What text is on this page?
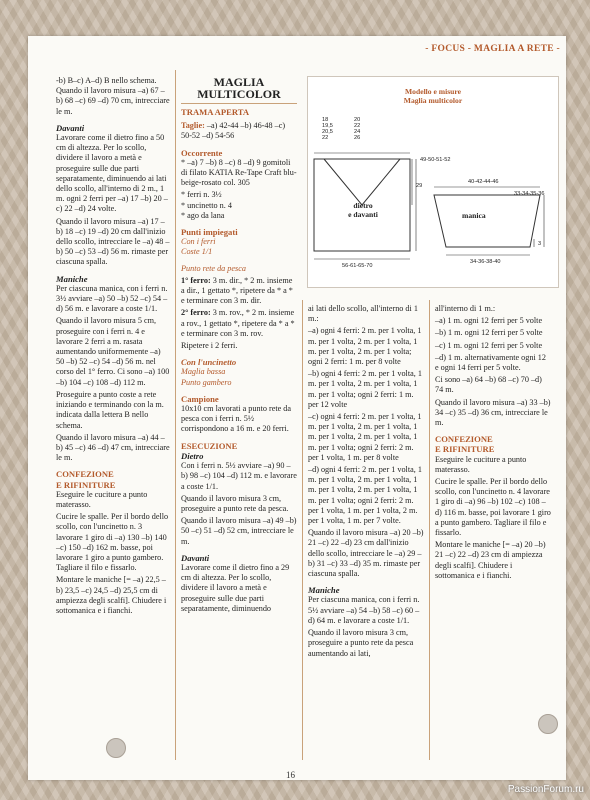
- FOCUS - MAGLIA A RETE -

-b) B–c) A–d) B nello schema. Quando il lavoro misura –a) 67 –b) 68 –c) 69 –d) 70 cm, intrecciare le m.

Davanti

Lavorare come il dietro fino a 50 cm di altezza. Per lo scollo, dividere il lavoro a metà e proseguire sulle due parti separatamente, diminuendo ai lati dello scollo, all'interno di 2 m., 1 m. ogni 2 ferri per –a) 17 –b) 20 –c) 22 –d) 24 volte.

Quando il lavoro misura –a) 17 –b) 18 –c) 19 –d) 20 cm dall'inizio dello scollo, intrecciare le –a) 48 –b) 50 –c) 53 –d) 56 m. rimaste per ciascuna spalla.

Maniche

Per ciascuna manica, con i ferri n. 3½ avviare –a) 50 –b) 52 –c) 54 –d) 56 m. e lavorare a coste 1/1.

Quando il lavoro misura 5 cm, proseguire con i ferri n. 4 e lavorare 2 ferri a m. rasata aumentando uniformemente –a) 50 –b) 52 –c) 54 –d) 56 m. nel corso del 1° ferro. Ci sono –a) 100 –b) 104 –c) 108 –d) 112 m.

Proseguire a punto coste a rete iniziando e terminando con la m. indicata dalla lettera B nello schema.

Quando il lavoro misura –a) 44 –b) 45 –c) 46 –d) 47 cm, intrecciare le m.

CONFEZIONE
E RIFINITURE

Eseguire le cuciture a punto materasso.

Cucire le spalle. Per il bordo dello scollo, con l'uncinetto n. 3 lavorare 1 giro di –a) 130 –b) 140 –c) 150 –d) 162 m. basse, poi lavorare 1 giro a punto gambero. Tagliare il filo e fissarlo.

Montare le maniche [= –a) 22,5 –b) 23,5 –c) 24,5 –d) 25,5 cm di ampiezza degli scalfi]. Chiudere i sottomanica e i fianchi.

MAGLIA
MULTICOLOR
TRAMA APERTA

Taglie: –a) 42-44 –b) 46-48 –c) 50-52 –d) 54-56

Occorrente

* –a) 7 –b) 8 –c) 8 –d) 9 gomitoli di filato KATIA Re-Tape Craft blu-beige-rosato col. 305

* ferri n. 3½

* uncinetto n. 4

* ago da lana

Punti impiegati

Con i ferri

Coste 1/1

Punto rete da pesca

1° ferro: 3 m. dir., * 2 m. insieme a dir., 1 gettato *, ripetere da * a * e terminare con 3 m. dir.

2° ferro: 3 m. rov., * 2 m. insieme a rov., 1 gettato *, ripetere da * a * e terminare con 3 m. rov.

Ripetere i 2 ferri.

Con l'uncinetto

Maglia bassa

Punto gambero

Campione

10x10 cm lavorati a punto rete da pesca con i ferri n. 5½ corrispondono a 16 m. e 20 ferri.

ESECUZIONE
Dietro

Con i ferri n. 5½ avviare –a) 90 –b) 98 –c) 104 –d) 112 m. e lavorare a coste 1/1.

Quando il lavoro misura 3 cm, proseguire a punto rete da pesca.

Quando il lavoro misura –a) 49 –b) 50 –c) 51 –d) 52 cm, intrecciare le m.

Davanti

Lavorare come il dietro fino a 29 cm di altezza. Per lo scollo, dividere il lavoro a metà e proseguire sulle due parti separatamente, diminuendo

Modello e misure
Maglia multicolor
18
19,5
20,5
22
20
22
24
26
dietro
e davanti
49-50-51-52
29
56-61-65-70
manica
40-42-44-46
33-34-35-36
3
34-36-38-40

ai lati dello scollo, all'interno di 1 m.:

–a) ogni 4 ferri: 2 m. per 1 volta, 1 m. per 1 volta, 2 m. per 1 volta, 1 m. per 1 volta, 2 m. per 1 volta; ogni 2 ferri: 1 m. per 8 volte

–b) ogni 4 ferri: 2 m. per 1 volta, 1 m. per 1 volta, 2 m. per 1 volta, 1 m. per 1 volta; ogni 2 ferri: 1 m. per 12 volte

–c) ogni 4 ferri: 2 m. per 1 volta, 1 m. per 1 volta, 2 m. per 1 volta, 1 m. per 1 volta, 2 m. per 1 volta, 1 m. per 1 volta; ogni 2 ferri: 2 m. per 1 volta, 1 m. per 8 volte

–d) ogni 4 ferri: 2 m. per 1 volta, 1 m. per 1 volta, 2 m. per 1 volta, 1 m. per 1 volta, 2 m. per 1 volta, 1 m. per 1 volta; ogni 2 ferri: 2 m. per 1 volta, 1 m. per 1 volta, 2 m. per 1 volta, 1 m. per 7 volte.

Quando il lavoro misura –a) 20 –b) 21 –c) 22 –d) 23 cm dall'inizio dello scollo, intrecciare le –a) 29 –b) 31 –c) 33 –d) 35 m. rimaste per ciascuna spalla.

Maniche

Per ciascuna manica, con i ferri n. 5½ avviare –a) 54 –b) 58 –c) 60 –d) 64 m. e lavorare a coste 1/1.

Quando il lavoro misura 3 cm, proseguire a punto rete da pesca aumentando ai lati,

all'interno di 1 m.:

–a) 1 m. ogni 12 ferri per 5 volte

–b) 1 m. ogni 12 ferri per 5 volte

–c) 1 m. ogni 12 ferri per 5 volte

–d) 1 m. alternativamente ogni 12 e ogni 14 ferri per 5 volte.

Ci sono –a) 64 –b) 68 –c) 70 –d) 74 m.

Quando il lavoro misura –a) 33 –b) 34 –c) 35 –d) 36 cm, intrecciare le m.

CONFEZIONE
E RIFINITURE

Eseguire le cuciture a punto materasso.

Cucire le spalle. Per il bordo dello scollo, con l'uncinetto n. 4 lavorare 1 giro di –a) 96 –b) 102 –c) 108 –d) 116 m. basse, poi lavorare 1 giro a punto gambero. Tagliare il filo e fissarlo.

Montare le maniche [= –a) 20 –b) 21 –c) 22 –d) 23 cm di ampiezza degli scalfi]. Chiudere i sottomanica e i fianchi.

16
PassionForum.ru
